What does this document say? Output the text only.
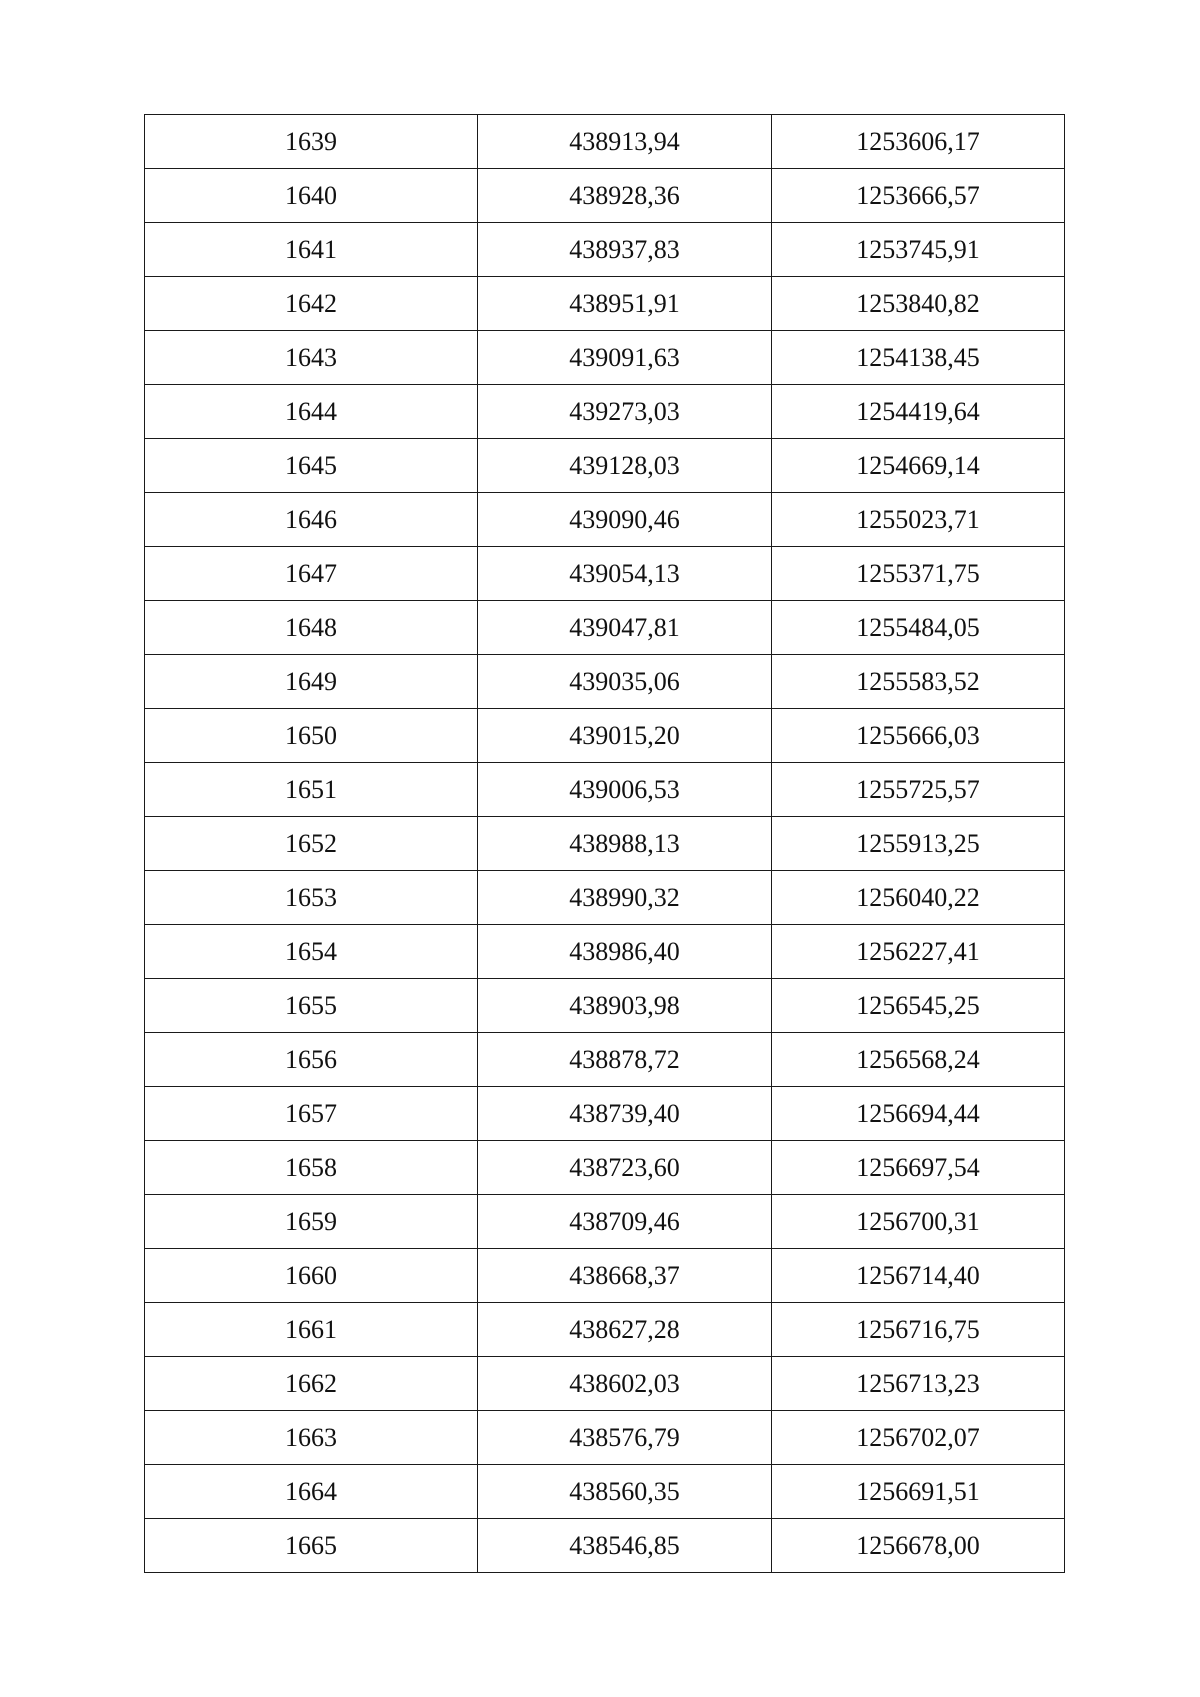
1639	438913,94	1253606,17
1640	438928,36	1253666,57
1641	438937,83	1253745,91
1642	438951,91	1253840,82
1643	439091,63	1254138,45
1644	439273,03	1254419,64
1645	439128,03	1254669,14
1646	439090,46	1255023,71
1647	439054,13	1255371,75
1648	439047,81	1255484,05
1649	439035,06	1255583,52
1650	439015,20	1255666,03
1651	439006,53	1255725,57
1652	438988,13	1255913,25
1653	438990,32	1256040,22
1654	438986,40	1256227,41
1655	438903,98	1256545,25
1656	438878,72	1256568,24
1657	438739,40	1256694,44
1658	438723,60	1256697,54
1659	438709,46	1256700,31
1660	438668,37	1256714,40
1661	438627,28	1256716,75
1662	438602,03	1256713,23
1663	438576,79	1256702,07
1664	438560,35	1256691,51
1665	438546,85	1256678,00
